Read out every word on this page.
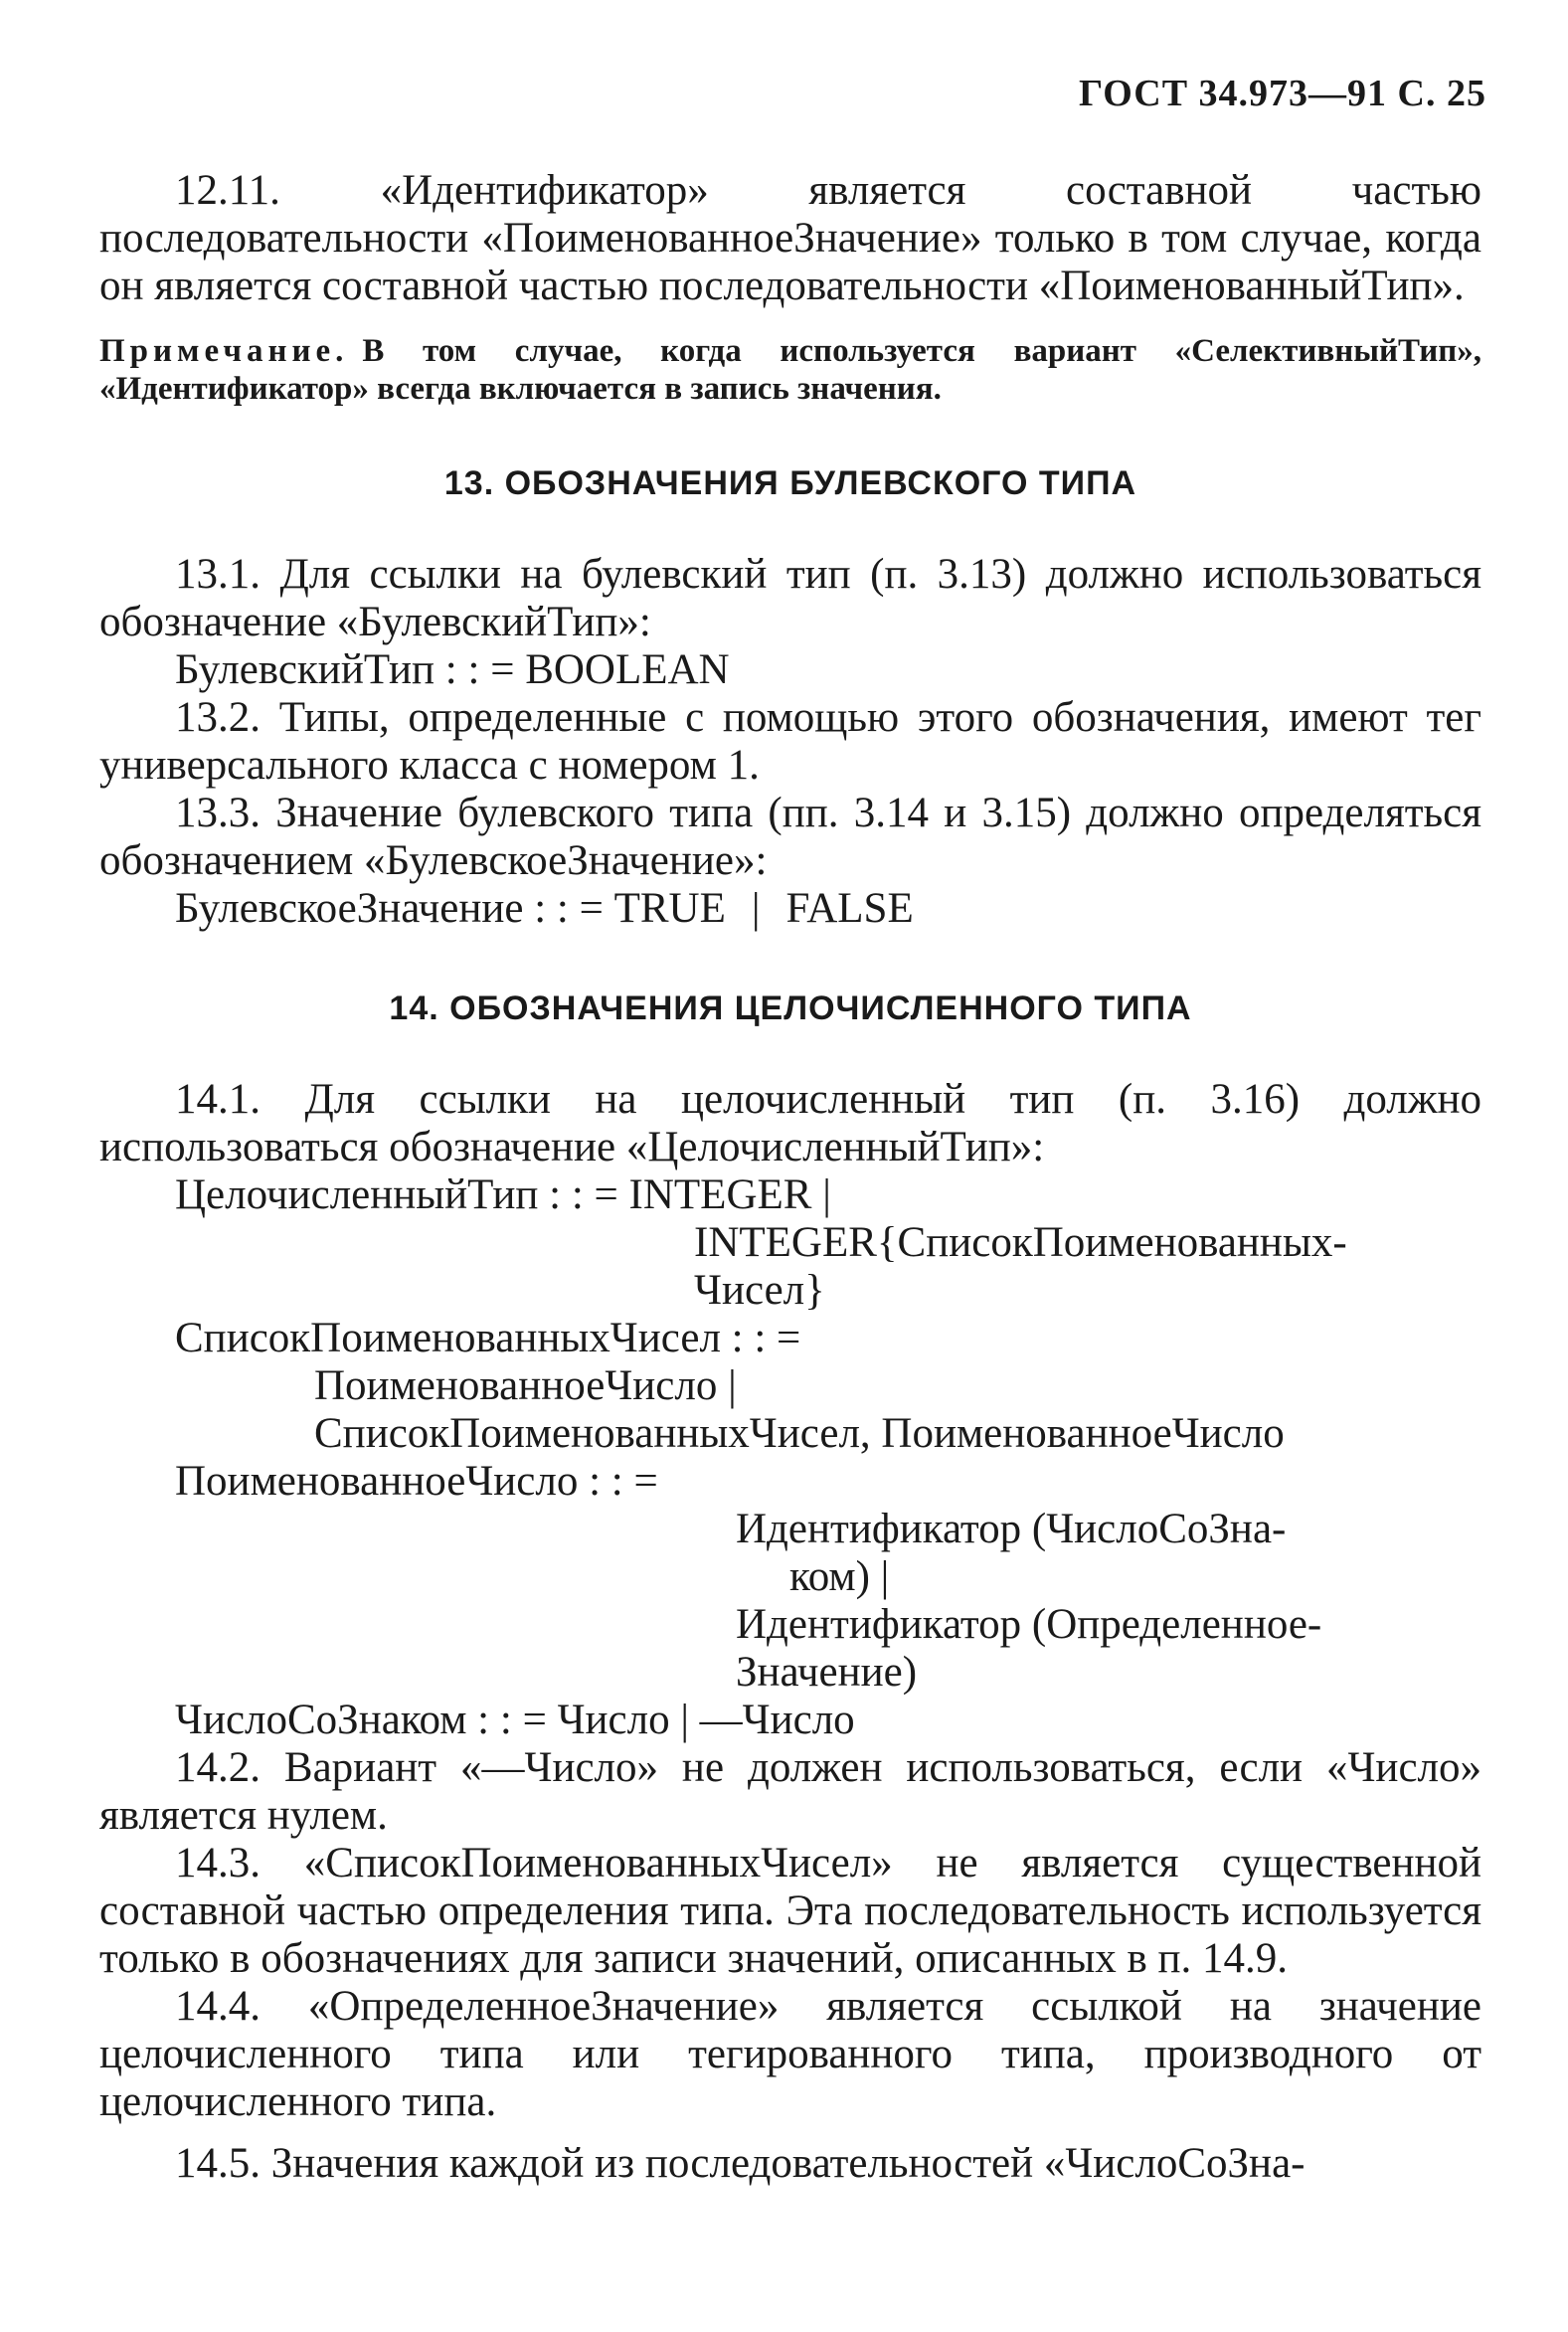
ГОСТ 34.973—91 С. 25

12.11. «Идентификатор» является составной частью последовательности «ПоименованноеЗначение» только в том случае, когда он является составной частью последовательности «ПоименованныйТип».

Примечание. В том случае, когда используется вариант «СелективныйТип», «Идентификатор» всегда включается в запись значения.

13. ОБОЗНАЧЕНИЯ БУЛЕВСКОГО ТИПА

13.1. Для ссылки на булевский тип (п. 3.13) должно использоваться обозначение «БулевскийТип»:

БулевскийТип : : = BOOLEAN

13.2. Типы, определенные с помощью этого обозначения, имеют тег универсального класса с номером 1.

13.3. Значение булевского типа (пп. 3.14 и 3.15) должно определяться обозначением «БулевскоеЗначение»:

БулевскоеЗначение : : = TRUE | FALSE

14. ОБОЗНАЧЕНИЯ ЦЕЛОЧИСЛЕННОГО ТИПА

14.1. Для ссылки на целочисленный тип (п. 3.16) должно использоваться обозначение «ЦелочисленныйТип»:

ЦелочисленныйТип : : = INTEGER |

INTEGER{СписокПоименованных-

Чисел}

СписокПоименованныхЧисел : : =

ПоименованноеЧисло |

СписокПоименованныхЧисел, ПоименованноеЧисло

ПоименованноеЧисло : : =

Идентификатор (ЧислоСоЗна-

ком) |

Идентификатор (Определенное-

Значение)

ЧислоСоЗнаком : : = Число | —Число

14.2. Вариант «—Число» не должен использоваться, если «Число» является нулем.

14.3. «СписокПоименованныхЧисел» не является существенной составной частью определения типа. Эта последовательность используется только в обозначениях для записи значений, описанных в п. 14.9.

14.4. «ОпределенноеЗначение» является ссылкой на значение целочисленного типа или тегированного типа, производного от целочисленного типа.

14.5. Значения каждой из последовательностей «ЧислоСоЗна-
